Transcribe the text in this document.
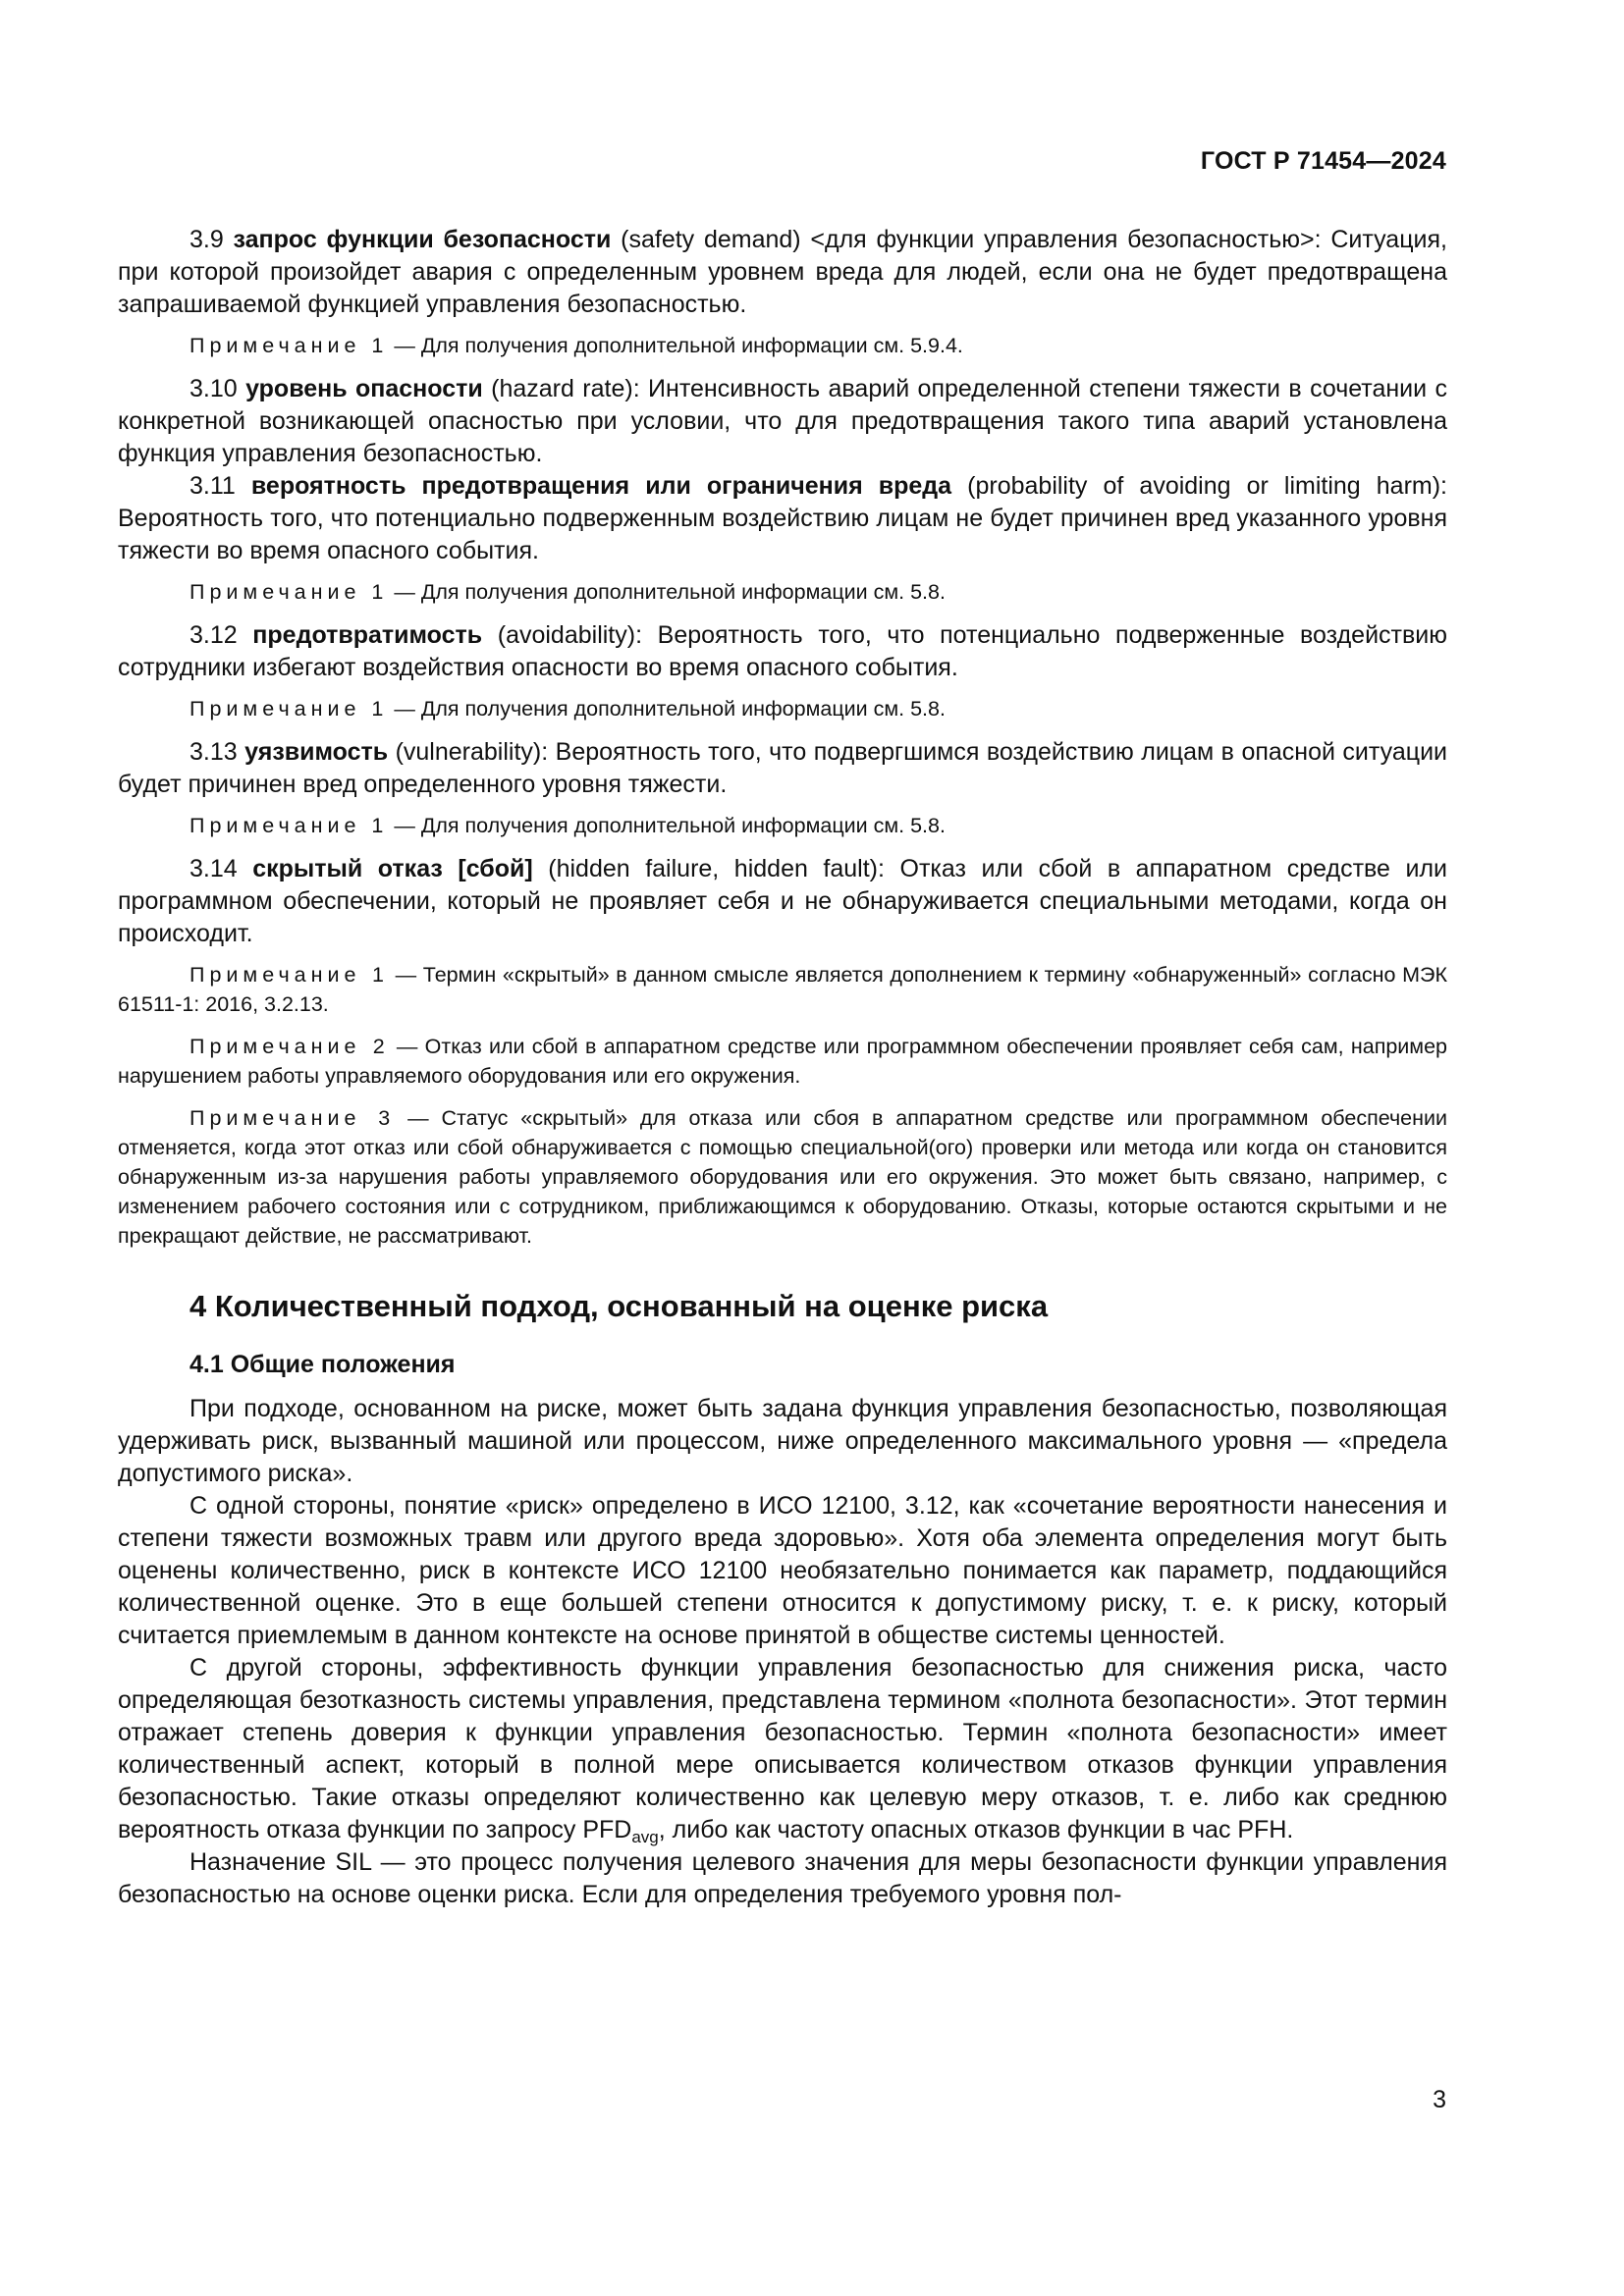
ГОСТ Р 71454—2024

3.9 запрос функции безопасности (safety demand) <для функции управления безопасностью>: Ситуация, при которой произойдет авария с определенным уровнем вреда для людей, если она не будет предотвращена запрашиваемой функцией управления безопасностью.

Примечание 1 — Для получения дополнительной информации см. 5.9.4.

3.10 уровень опасности (hazard rate): Интенсивность аварий определенной степени тяжести в сочетании с конкретной возникающей опасностью при условии, что для предотвращения такого типа аварий установлена функция управления безопасностью.

3.11 вероятность предотвращения или ограничения вреда (probability of avoiding or limiting harm): Вероятность того, что потенциально подверженным воздействию лицам не будет причинен вред указанного уровня тяжести во время опасного события.

Примечание 1 — Для получения дополнительной информации см. 5.8.

3.12 предотвратимость (avoidability): Вероятность того, что потенциально подверженные воздействию сотрудники избегают воздействия опасности во время опасного события.

Примечание 1 — Для получения дополнительной информации см. 5.8.

3.13 уязвимость (vulnerability): Вероятность того, что подвергшимся воздействию лицам в опасной ситуации будет причинен вред определенного уровня тяжести.

Примечание 1 — Для получения дополнительной информации см. 5.8.

3.14 скрытый отказ [сбой] (hidden failure, hidden fault): Отказ или сбой в аппаратном средстве или программном обеспечении, который не проявляет себя и не обнаруживается специальными методами, когда он происходит.

Примечание 1 — Термин «скрытый» в данном смысле является дополнением к термину «обнаруженный» согласно МЭК 61511-1: 2016, 3.2.13.

Примечание 2 — Отказ или сбой в аппаратном средстве или программном обеспечении проявляет себя сам, например нарушением работы управляемого оборудования или его окружения.

Примечание 3 — Статус «скрытый» для отказа или сбоя в аппаратном средстве или программном обеспечении отменяется, когда этот отказ или сбой обнаруживается с помощью специальной(ого) проверки или метода или когда он становится обнаруженным из-за нарушения работы управляемого оборудования или его окружения. Это может быть связано, например, с изменением рабочего состояния или с сотрудником, приближающимся к оборудованию. Отказы, которые остаются скрытыми и не прекращают действие, не рассматривают.

4 Количественный подход, основанный на оценке риска
4.1 Общие положения

При подходе, основанном на риске, может быть задана функция управления безопасностью, позволяющая удерживать риск, вызванный машиной или процессом, ниже определенного максимального уровня — «предела допустимого риска».

С одной стороны, понятие «риск» определено в ИСО 12100, 3.12, как «сочетание вероятности нанесения и степени тяжести возможных травм или другого вреда здоровью». Хотя оба элемента определения могут быть оценены количественно, риск в контексте ИСО 12100 необязательно понимается как параметр, поддающийся количественной оценке. Это в еще большей степени относится к допустимому риску, т. е. к риску, который считается приемлемым в данном контексте на основе принятой в обществе системы ценностей.

С другой стороны, эффективность функции управления безопасностью для снижения риска, часто определяющая безотказность системы управления, представлена термином «полнота безопасности». Этот термин отражает степень доверия к функции управления безопасностью. Термин «полнота безопасности» имеет количественный аспект, который в полной мере описывается количеством отказов функции управления безопасностью. Такие отказы определяют количественно как целевую меру отказов, т. е. либо как среднюю вероятность отказа функции по запросу $PFD_{avg}$, либо как частоту опасных отказов функции в час PFH.

Назначение SIL — это процесс получения целевого значения для меры безопасности функции управления безопасностью на основе оценки риска. Если для определения требуемого уровня пол-

3
